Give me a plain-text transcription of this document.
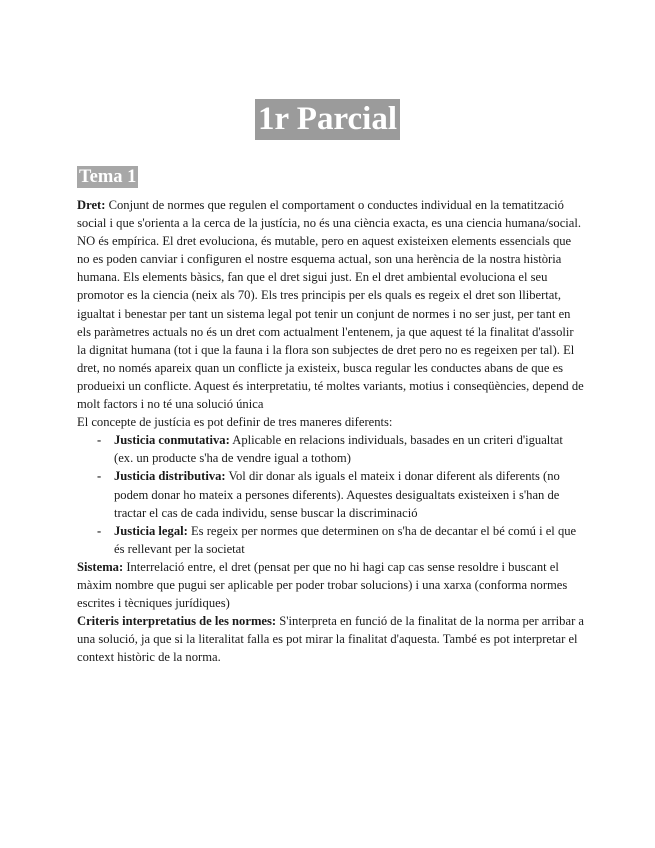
1r Parcial
Tema 1

Dret: Conjunt de normes que regulen el comportament o conductes individual en la tematització social i que s'orienta a la cerca de la justícia, no és una ciència exacta, es una ciencia humana/social. NO és empírica. El dret evoluciona, és mutable, pero en aquest existeixen elements essencials que no es poden canviar i configuren el nostre esquema actual, son una herència de la nostra història humana. Els elements bàsics, fan que el dret sigui just. En el dret ambiental evoluciona el seu promotor es la ciencia (neix als 70). Els tres principis per els quals es regeix el dret son llibertat, igualtat i benestar per tant un sistema legal pot tenir un conjunt de normes i no ser just, per tant en els paràmetres actuals no és un dret com actualment l'entenem, ja que aquest té la finalitat d'assolir la dignitat humana (tot i que la fauna i la flora son subjectes de dret pero no es regeixen per tal). El dret, no només apareix quan un conflicte ja existeix, busca regular les conductes abans de que es produeixi un conflicte. Aquest és interpretatiu, té moltes variants, motius i conseqüències, depend de molt factors i no té una solució única

El concepte de justícia es pot definir de tres maneres diferents:

- Justicia conmutativa: Aplicable en relacions individuals, basades en un criteri d'igualtat (ex. un producte s'ha de vendre igual a tothom)
- Justicia distributiva: Vol dir donar als iguals el mateix i donar diferent als diferents (no podem donar ho mateix a persones diferents). Aquestes desigualtats existeixen i s'han de tractar el cas de cada individu, sense buscar la discriminació
- Justicia legal: Es regeix per normes que determinen on s'ha de decantar el bé comú i el que és rellevant per la societat

Sistema: Interrelació entre, el dret (pensat per que no hi hagi cap cas sense resoldre i buscant el màxim nombre que pugui ser aplicable per poder trobar solucions) i una xarxa (conforma normes escrites i tècniques jurídiques)

Criteris interpretatius de les normes: S'interpreta en funció de la finalitat de la norma per arribar a una solució, ja que si la literalitat falla es pot mirar la finalitat d'aquesta. També es pot interpretar el context històric de la norma.
